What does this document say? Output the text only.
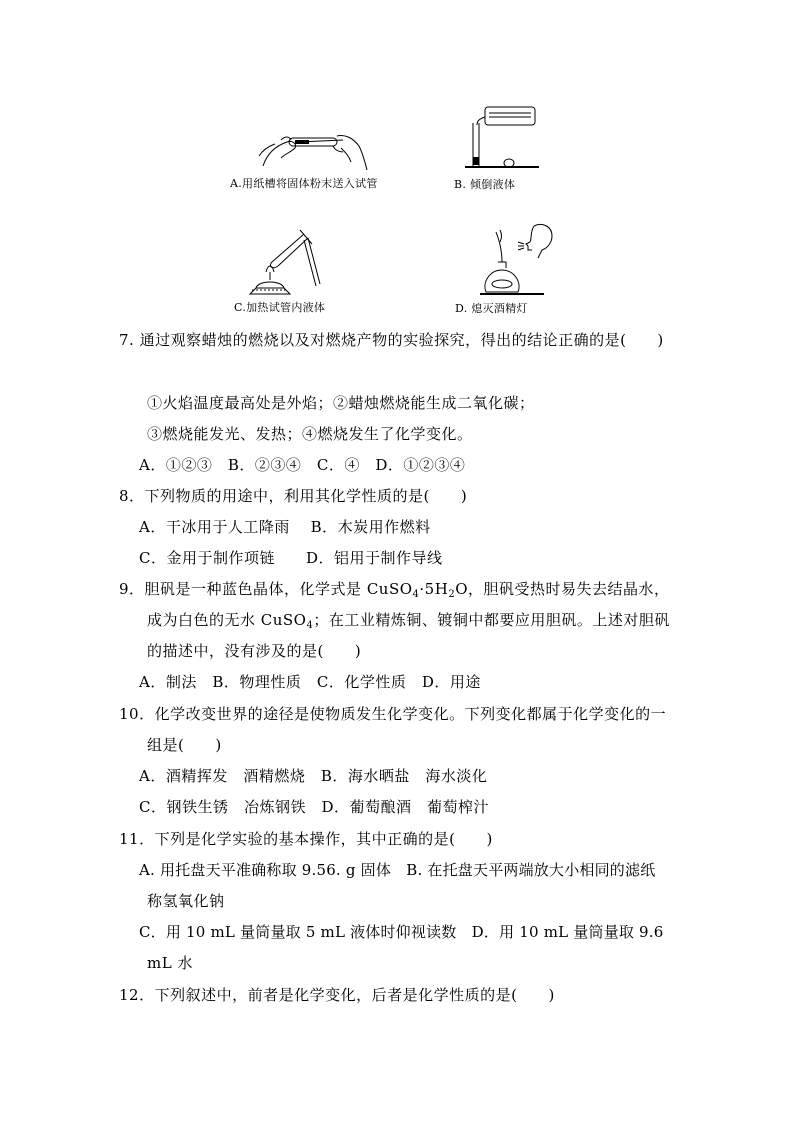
A.用纸槽将固体粉末送入试管	B. 倾倒液体
C.加热试管内液体	D. 熄灭酒精灯
7. 通过观察蜡烛的燃烧以及对燃烧产物的实验探究，得出的结论正确的是(　　)
①火焰温度最高处是外焰；②蜡烛燃烧能生成二氧化碳；
③燃烧能发光、发热；④燃烧发生了化学变化。
A．①②③　B．②③④　C．④　D．①②③④
8．下列物质的用途中，利用其化学性质的是(　　)
A．干冰用于人工降雨　 B．木炭用作燃料
C．金用于制作项链　　D．铝用于制作导线
9．胆矾是一种蓝色晶体，化学式是 $CuSO_4\cdot 5H_2O$，胆矾受热时易失去结晶水，
成为白色的无水 CuSO$_4$；在工业精炼铜、镀铜中都要应用胆矾。上述对胆矾
的描述中，没有涉及的是(　　)
A．制法　B．物理性质　C．化学性质　D．用途
10．化学改变世界的途径是使物质发生化学变化。下列变化都属于化学变化的一
组是(　　)
A．酒精挥发　酒精燃烧　B．海水晒盐　海水淡化
C．钢铁生锈　冶炼钢铁　D．葡萄酿酒　葡萄榨汁
11．下列是化学实验的基本操作，其中正确的是(　　)
A. 用托盘天平准确称取 9.56. g 固体　B. 在托盘天平两端放大小相同的滤纸
称氢氧化钠
C．用 10 mL 量筒量取 5 mL 液体时仰视读数　D．用 10 mL 量筒量取 9.6
mL 水
12．下列叙述中，前者是化学变化，后者是化学性质的是(　　)
